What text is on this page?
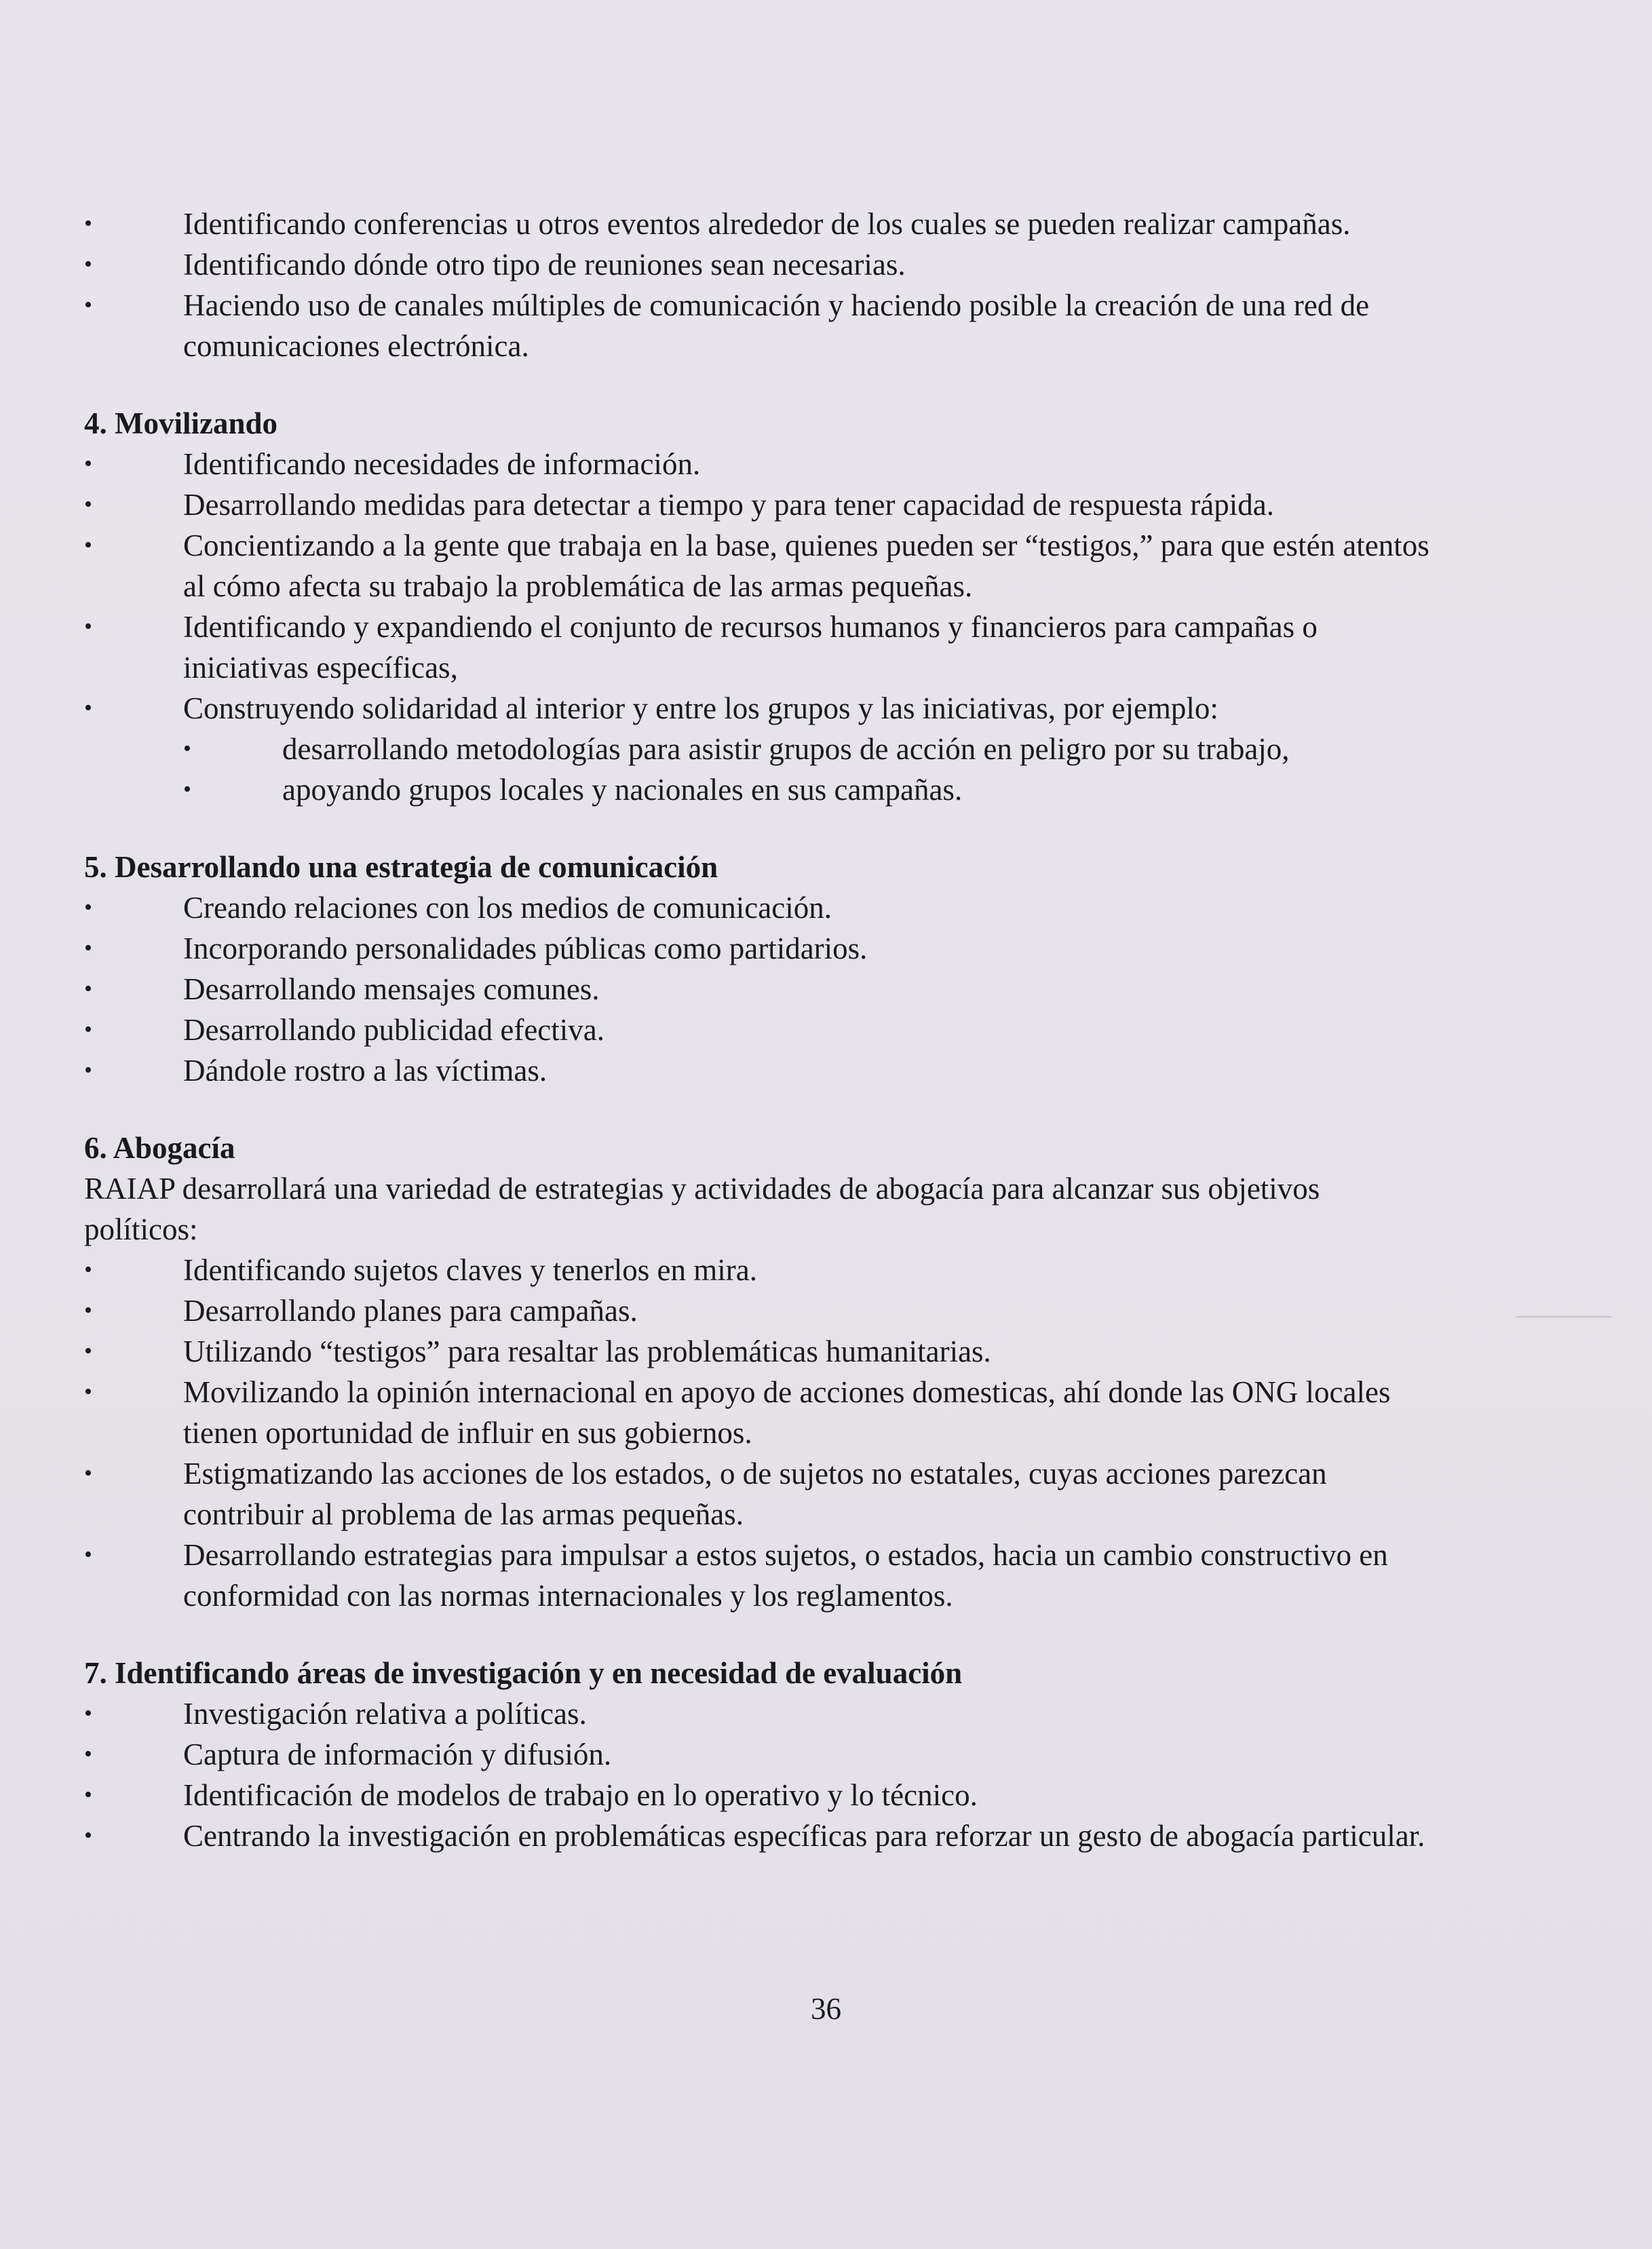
• Identificando conferencias u otros eventos alrededor de los cuales se pueden realizar campañas.
• Identificando dónde otro tipo de reuniones sean necesarias.
• Haciendo uso de canales múltiples de comunicación y haciendo posible la creación de una red de comunicaciones electrónica.
4. Movilizando
• Identificando necesidades de información.
• Desarrollando medidas para detectar a tiempo y para tener capacidad de respuesta rápida.
• Concientizando a la gente que trabaja en la base, quienes pueden ser “testigos,” para que estén atentos al cómo afecta su trabajo la problemática de las armas pequeñas.
• Identificando y expandiendo el conjunto de recursos humanos y financieros para campañas o iniciativas específicas,
• Construyendo solidaridad al interior y entre los grupos y las iniciativas, por ejemplo:
• desarrollando metodologías para asistir grupos de acción en peligro por su trabajo,
• apoyando grupos locales y nacionales en sus campañas.
5. Desarrollando una estrategia de comunicación
• Creando relaciones con los medios de comunicación.
• Incorporando personalidades públicas como partidarios.
• Desarrollando mensajes comunes.
• Desarrollando publicidad efectiva.
• Dándole rostro a las víctimas.
6. Abogacía

RAIAP desarrollará una variedad de estrategias y actividades de abogacía para alcanzar sus objetivos políticos:

• Identificando sujetos claves y tenerlos en mira.
• Desarrollando planes para campañas.
• Utilizando “testigos” para resaltar las problemáticas humanitarias.
• Movilizando la opinión internacional en apoyo de acciones domesticas, ahí donde las ONG locales tienen oportunidad de influir en sus gobiernos.
• Estigmatizando las acciones de los estados, o de sujetos no estatales, cuyas acciones parezcan contribuir al problema de las armas pequeñas.
• Desarrollando estrategias para impulsar a estos sujetos, o estados, hacia un cambio constructivo en conformidad con las normas internacionales y los reglamentos.
7. Identificando áreas de investigación y en necesidad de evaluación
• Investigación relativa a políticas.
• Captura de información y difusión.
• Identificación de modelos de trabajo en lo operativo y lo técnico.
• Centrando la investigación en problemáticas específicas para reforzar un gesto de abogacía particular.
36
